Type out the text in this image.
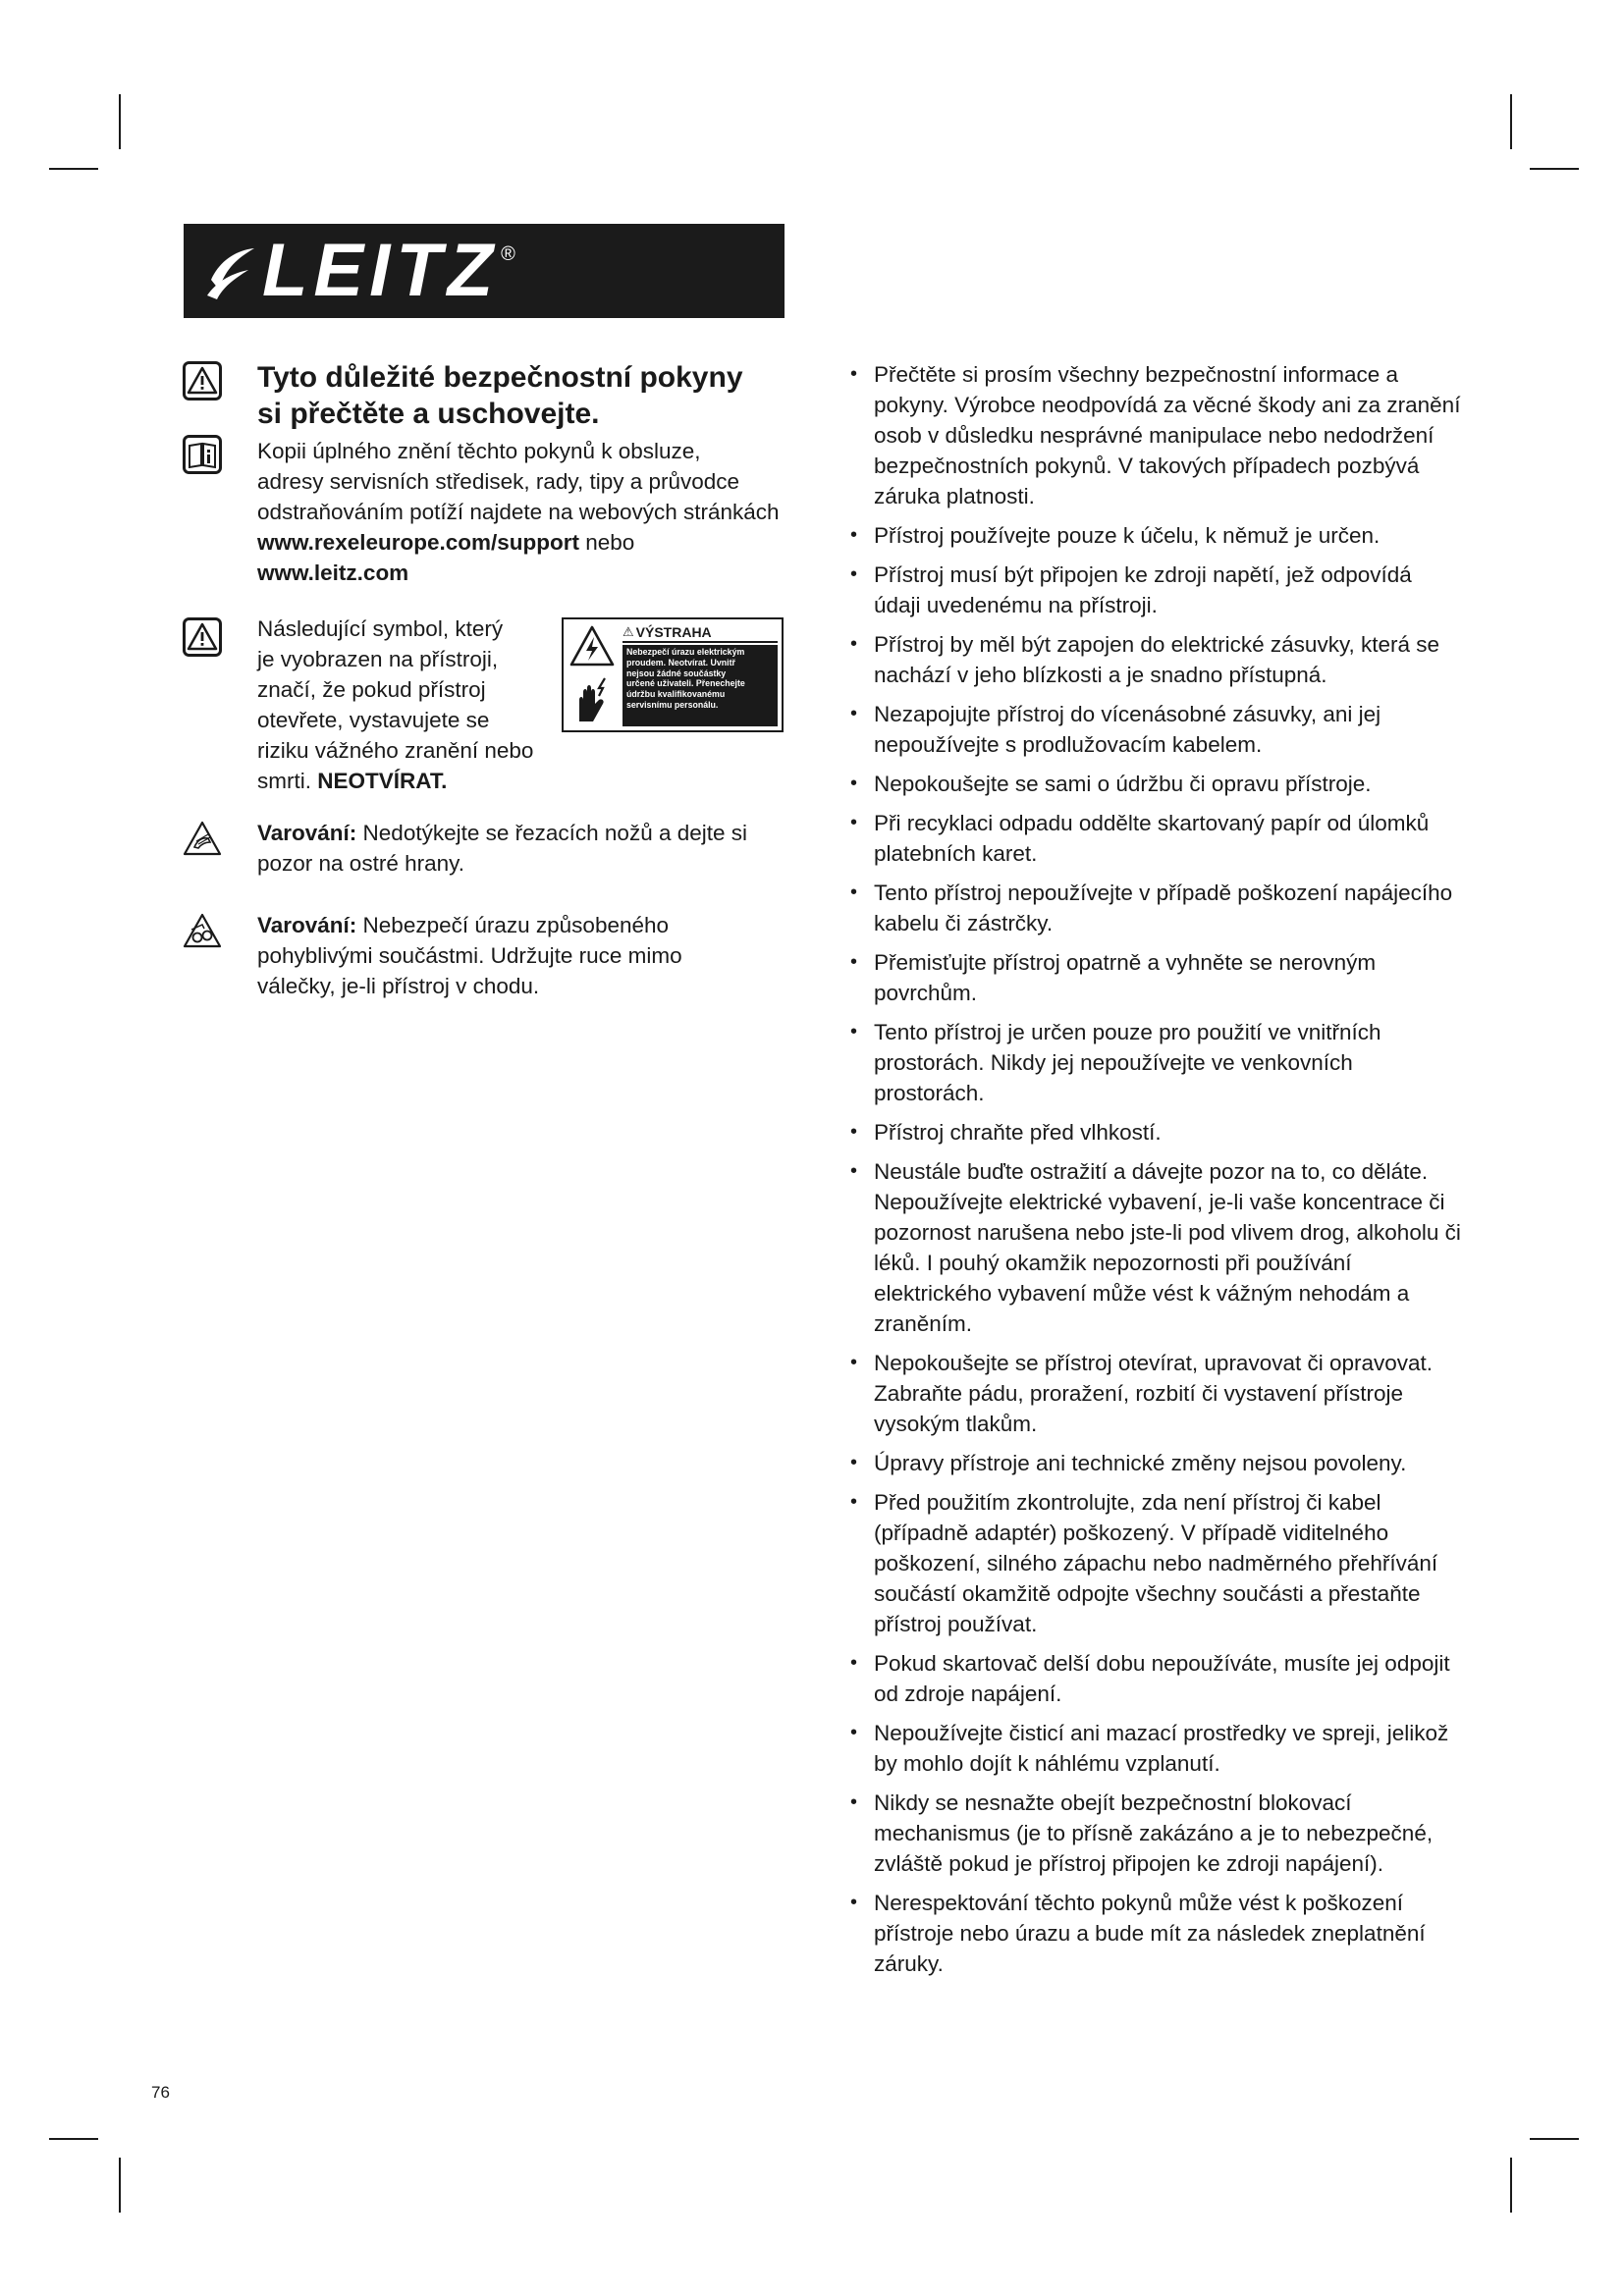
LEITZ ®
Tyto důležité bezpečnostní pokyny
si přečtěte a uschovejte.
Kopii úplného znění těchto pokynů k obsluze,
adresy servisních středisek, rady, tipy a průvodce
odstraňováním potíží najdete na webových stránkách
www.rexeleurope.com/support nebo
www.leitz.com
Následující symbol, který
je vyobrazen na přístroji,
značí, že pokud přístroj
otevřete, vystavujete se
riziku vážného zranění nebo
smrti. NEOTVÍRAT.
⚠ VÝSTRAHA
Nebezpečí úrazu elektrickým
proudem. Neotvírat. Uvnitř
nejsou žádné součástky
určené uživateli. Přenechejte
údržbu kvalifikovanému
servisnímu personálu.
Varování: Nedotýkejte se řezacích nožů a dejte si
pozor na ostré hrany.
Varování: Nebezpečí úrazu způsobeného
pohyblivými součástmi. Udržujte ruce mimo
válečky, je-li přístroj v chodu.
• Přečtěte si prosím všechny bezpečnostní informace a pokyny. Výrobce neodpovídá za věcné škody ani za zranění osob v důsledku nesprávné manipulace nebo nedodržení bezpečnostních pokynů. V takových případech pozbývá záruka platnosti.
• Přístroj používejte pouze k účelu, k němuž je určen.
• Přístroj musí být připojen ke zdroji napětí, jež odpovídá údaji uvedenému na přístroji.
• Přístroj by měl být zapojen do elektrické zásuvky, která se nachází v jeho blízkosti a je snadno přístupná.
• Nezapojujte přístroj do vícenásobné zásuvky, ani jej nepoužívejte s prodlužovacím kabelem.
• Nepokoušejte se sami o údržbu či opravu přístroje.
• Při recyklaci odpadu oddělte skartovaný papír od úlomků platebních karet.
• Tento přístroj nepoužívejte v případě poškození napájecího kabelu či zástrčky.
• Přemisťujte přístroj opatrně a vyhněte se nerovným povrchům.
• Tento přístroj je určen pouze pro použití ve vnitřních prostorách. Nikdy jej nepoužívejte ve venkovních prostorách.
• Přístroj chraňte před vlhkostí.
• Neustále buďte ostražití a dávejte pozor na to, co děláte. Nepoužívejte elektrické vybavení, je-li vaše koncentrace či pozornost narušena nebo jste-li pod vlivem drog, alkoholu či léků. I pouhý okamžik nepozornosti při používání elektrického vybavení může vést k vážným nehodám a zraněním.
• Nepokoušejte se přístroj otevírat, upravovat či opravovat. Zabraňte pádu, proražení, rozbití či vystavení přístroje vysokým tlakům.
• Úpravy přístroje ani technické změny nejsou povoleny.
• Před použitím zkontrolujte, zda není přístroj či kabel (případně adaptér) poškozený. V případě viditelného poškození, silného zápachu nebo nadměrného přehřívání součástí okamžitě odpojte všechny součásti a přestaňte přístroj používat.
• Pokud skartovač delší dobu nepoužíváte, musíte jej odpojit od zdroje napájení.
• Nepoužívejte čisticí ani mazací prostředky ve spreji, jelikož by mohlo dojít k náhlému vzplanutí.
• Nikdy se nesnažte obejít bezpečnostní blokovací mechanismus (je to přísně zakázáno a je to nebezpečné, zvláště pokud je přístroj připojen ke zdroji napájení).
• Nerespektování těchto pokynů může vést k poškození přístroje nebo úrazu a bude mít za následek zneplatnění záruky.
76
